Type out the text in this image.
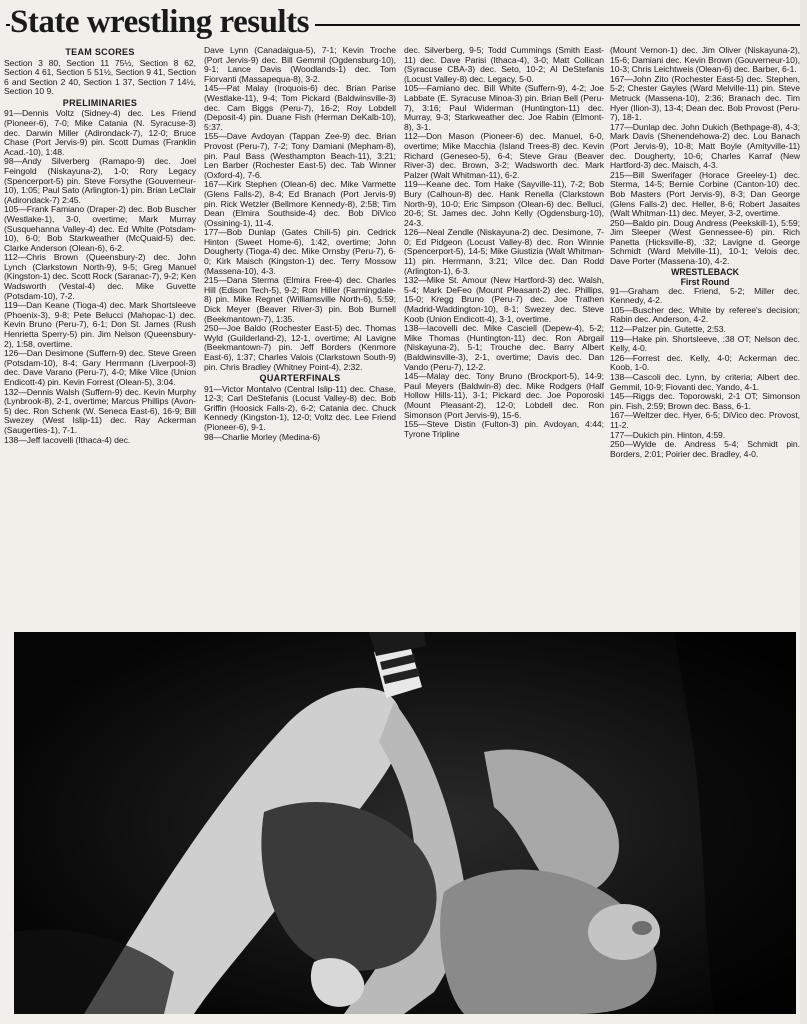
State wrestling results

TEAM SCORES

Section 3 80, Section 11 75½, Section 8 62, Section 4 61, Section 5 51½, Section 9 41, Section 6 and Section 2 40, Section 1 37, Section 7 14½, Section 10 9.

PRELIMINARIES

91—Dennis Voltz (Sidney-4) dec. Les Friend (Pioneer-6), 7-0; Mike Catania (N. Syracuse-3) dec. Darwin Miller (Adirondack-7), 12-0; Bruce Chase (Port Jervis-9) pin. Scott Dumas (Franklin Acad.-10), 1:48.

98—Andy Silverberg (Ramapo-9) dec. Joel Feingold (Niskayuna-2), 1-0; Rory Legacy (Spencerport-5) pin. Steve Forsythe (Gouverneur-10), 1:05; Paul Sato (Arlington-1) pin. Brian LeClair (Adirondack-7) 2:45.

105—Frank Famiano (Draper-2) dec. Bob Buscher (Westlake-1), 3-0, overtime; Mark Murray (Susquehanna Valley-4) dec. Ed White (Potsdam-10), 6-0; Bob Starkweather (McQuaid-5) dec. Clarke Anderson (Olean-6), 6-2.

112—Chris Brown (Queensbury-2) dec. John Lynch (Clarkstown North-9), 9-5; Greg Manuel (Kingston-1) dec. Scott Rock (Saranac-7), 9-2; Ken Wadsworth (Vestal-4) dec. Mike Guvette (Potsdam-10), 7-2.

119—Dan Keane (Tioga-4) dec. Mark Shortsleeve (Phoenix-3), 9-8; Pete Belucci (Mahopac-1) dec. Kevin Bruno (Peru-7), 6-1; Don St. James (Rush Henrietta Sperry-5) pin. Jim Nelson (Queensbury-2), 1:58, overtime.

126—Dan Desimone (Suffern-9) dec. Steve Green (Potsdam-10), 8-4; Gary Herrmann (Liverpool-3) dec. Dave Varano (Peru-7), 4-0; Mike Vilce (Union Endicott-4) pin. Kevin Forrest (Olean-5), 3:04.

132—Dennis Walsh (Suffern-9) dec. Kevin Murphy (Lynbrook-8), 2-1, overtime; Marcus Phillips (Avon-5) dec. Ron Schenk (W. Seneca East-6), 16-9; Bill Swezey (West Islip-11) dec. Ray Ackerman (Saugerties-1), 7-1.

138—Jeff Iacovelli (Ithaca-4) dec.

Dave Lynn (Canadaigua-5), 7-1; Kevin Troche (Port Jervis-9) dec. Bill Gemmil (Ogdensburg-10), 9-1; Lance Davis (Woodlands-1) dec. Tom Fiorvanti (Massapequa-8), 3-2.

145—Pat Malay (Iroquois-6) dec. Brian Parise (Westlake-11), 9-4; Tom Pickard (Baldwinsville-3) dec. Cam Biggs (Peru-7), 16-2; Roy Lobdell (Deposit-4) pin. Duane Fish (Herman DeKalb-10), 5:37.

155—Dave Avdoyan (Tappan Zee-9) dec. Brian Provost (Peru-7), 7-2; Tony Damiani (Mepham-8), pin. Paul Bass (Westhampton Beach-11), 3:21; Len Barber (Rochester East-5) dec. Tab Winner (Oxford-4), 7-6.

167—Kirk Stephen (Olean-6) dec. Mike Varmette (Glens Falls-2), 8-4; Ed Branach (Port Jervis-9) pin. Rick Wetzler (Bellmore Kennedy-8), 2:58; Tim Dean (Elmira Southside-4) dec. Bob DiVico (Ossining-1), 11-4.

177—Bob Dunlap (Gates Chili-5) pin. Cedrick Hinton (Sweet Home-6), 1:42, overtime; John Dougherty (Tioga-4) dec. Mike Ornsby (Peru-7), 6-0; Kirk Maisch (Kingston-1) dec. Terry Mossow (Massena-10), 4-3.

215—Dana Sterma (Elmira Free-4) dec. Charles Hill (Edison Tech-5), 9-2; Ron Hiller (Farmingdale-8) pin. Mike Regnet (Williamsville North-6), 5:59; Dick Meyer (Beaver River-3) pin. Bob Burnell (Beekmantown-7), 1:35.

250—Joe Baldo (Rochester East-5) dec. Thomas Wyld (Guilderland-2), 12-1, overtime; Al Lavigne (Beekmantown-7) pin. Jeff Borders (Kenmore East-6), 1:37; Charles Valois (Clarkstown South-9) pin. Chris Bradley (Whitney Point-4), 2:32.

QUARTERFINALS

91—Victor Montalvo (Central Islip-11) dec. Chase, 12-3; Carl DeStefanis (Locust Valley-8) dec. Bob Griffin (Hoosick Falls-2), 6-2; Catania dec. Chuck Kennedy (Kingston-1), 12-0; Voltz dec. Lee Friend (Pioneer-6), 9-1.

98—Charlie Morley (Medina-6)

dec. Silverberg, 9-5; Todd Cummings (Smith East-11) dec. Dave Parisi (Ithaca-4), 3-0; Matt Collican (Syracuse CBA-3) dec. Seto, 10-2; Al DeStefanis (Locust Valley-8) dec. Legacy, 5-0.

105—Famiano dec. Bill White (Suffern-9), 4-2; Joe Labbate (E. Syracuse Minoa-3) pin. Brian Bell (Peru-7), 3:16; Paul Widerman (Huntington-11) dec. Murray, 9-3; Starkweather dec. Joe Rabin (Elmont-8), 3-1.

112—Don Mason (Pioneer-6) dec. Manuel, 6-0, overtime; Mike Macchia (Island Trees-8) dec. Kevin Richard (Geneseo-5), 6-4; Steve Grau (Beaver River-3) dec. Brown, 3-2; Wadsworth dec. Mark Palzer (Walt Whitman-11), 6-2.

119—Keane dec. Tom Hake (Sayville-11), 7-2; Bob Bury (Calhoun-8) dec. Hank Renella (Clarkstown North-9), 10-0; Eric Simpson (Olean-6) dec. Belluci, 20-6; St. James dec. John Kelly (Ogdensburg-10), 24-3.

126—Neal Zendle (Niskayuna-2) dec. Desimone, 7-0; Ed Pidgeon (Locust Valley-8) dec. Ron Winnie (Spencerport-5), 14-5; Mike Giustizia (Walt Whitman-11) pin. Herrmann, 3:21; Vilce dec. Dan Rodd (Arlington-1), 6-3.

132—Mike St. Amour (New Hartford-3) dec. Walsh, 5-4; Mark DeFeo (Mount Pleasant-2) dec. Phillips, 15-0; Kregg Bruno (Peru-7) dec. Joe Trathen (Madrid-Waddington-10), 8-1; Swezey dec. Steve Koob (Union Endicott-4), 3-1, overtime.

138—Iacovelli dec. Mike Casciell (Depew-4), 5-2; Mike Thomas (Huntington-11) dec. Ron Abrgail (Niskayuna-2), 5-1; Trouche dec. Barry Albert (Baldwinsville-3), 2-1, overtime; Davis dec. Dan Vando (Peru-7), 12-2.

145—Malay dec. Tony Bruno (Brockport-5), 14-9; Paul Meyers (Baldwin-8) dec. Mike Rodgers (Half Hollow Hills-11), 3-1; Pickard dec. Joe Poporoski (Mount Pleasant-2), 12-0; Lobdell dec. Ron Simonson (Port Jervis-9), 15-6.

155—Steve Distin (Fulton-3) pin. Avdoyan, 4:44; Tyrone Tripline

(Mount Vernon-1) dec. Jim Oliver (Niskayuna-2), 15-6; Damiani dec. Kevin Brown (Gouverneur-10), 10-3; Chris Leichtweis (Olean-6) dec. Barber, 6-1.

167—John Zito (Rochester East-5) dec. Stephen, 5-2; Chester Gayles (Ward Melville-11) pin. Steve Metruck (Massena-10), 2:36; Branach dec. Tim Hyer (Ilion-3), 13-4; Dean dec. Bob Provost (Peru-7), 18-1.

177—Dunlap dec. John Dukich (Bethpage-8), 4-3; Mark Davis (Shenendehowa-2) dec. Lou Banach (Port Jervis-9), 10-8; Matt Boyle (Amityville-11) dec. Dougherty, 10-6; Charles Karraf (New Hartford-3) dec. Maisch, 4-3.

215—Bill Swerifager (Horace Greeley-1) dec. Sterma, 14-5; Bernie Corbine (Canton-10) dec. Bob Masters (Port Jervis-9), 8-3; Dan George (Glens Falls-2) dec. Heller, 8-6; Robert Jasaites (Walt Whitman-11) dec. Meyer, 3-2, overtime.

250—Baldo pin. Doug Andress (Peekskill-1), 5:59; Jim Sleeper (West Gennessee-6) pin. Rich Panetta (Hicksville-8), :32; Lavigne d. George Schmidt (Ward Melville-11), 10-1; Velois dec. Dave Porter (Massena-10), 4-2.

WRESTLEBACK

First Round

91—Graham dec. Friend, 5-2; Miller dec. Kennedy, 4-2.

105—Buscher dec. White by referee's decision; Rabin dec. Anderson, 4-2.

112—Palzer pin. Gutette, 2:53.

119—Hake pin. Shortsleeve, :38 OT; Nelson dec. Kelly, 4-0.

126—Forrest dec. Kelly, 4-0; Ackerman dec. Koob, 1-0.

138—Cascoli dec. Lynn, by criteria; Albert dec. Gemmil, 10-9; Fiovanti dec. Yando, 4-1.

145—Riggs dec. Toporowski, 2-1 OT; Simonson pin. Fish, 2:59; Brown dec. Bass, 6-1.

167—Weltzer dec. Hyer, 6-5; DiVico dec. Provost, 11-2.

177—Dukich pin. Hinton, 4:59.

250—Wylde de. Andress 5-4; Schmidt pin. Borders, 2:01; Poirier dec. Bradley, 4-0.
